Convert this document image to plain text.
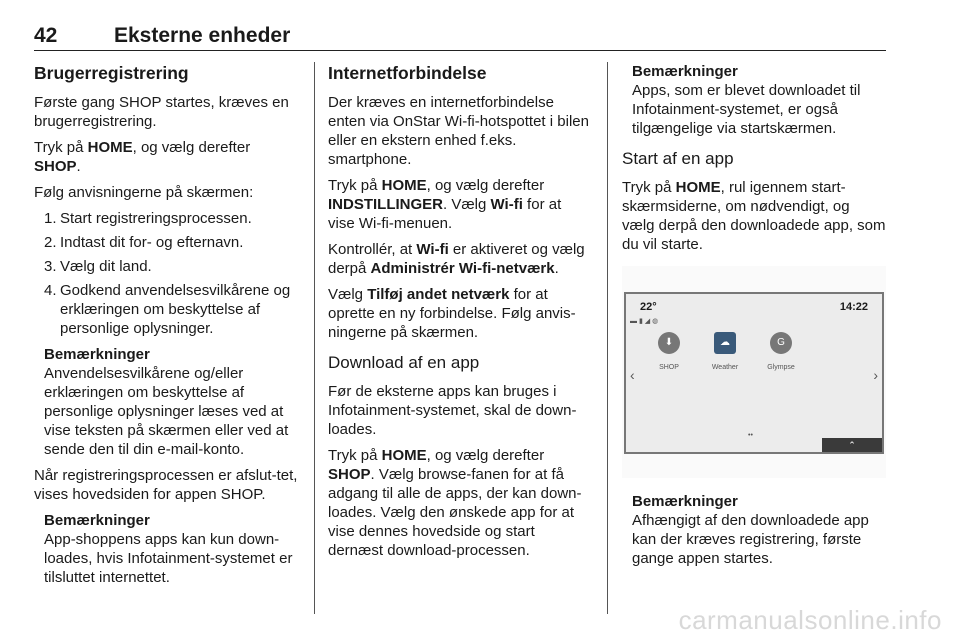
42	Eksterne enheder
Brugerregistrering

Første gang SHOP startes, kræves en brugerregistrering.

Tryk på HOME, og vælg derefter SHOP.

Følg anvisningerne på skærmen:

1. Start registreringsprocessen.
2. Indtast dit for- og efternavn.
3. Vælg dit land.
4. Godkend anvendelsesvilkårene og erklæringen om beskyttelse af personlige oplysninger.
Bemærkninger
Anvendelsesvilkårene og/eller erklæringen om beskyttelse af personlige oplysninger læses ved at vise teksten på skærmen eller ved at sende den til din e-mail-konto.

Når registreringsprocessen er afslut-tet, vises hovedsiden for appen SHOP.

Bemærkninger
App-shoppens apps kan kun down-loades, hvis Infotainment-systemet er tilsluttet internettet.
Internetforbindelse

Der kræves en internetforbindelse enten via OnStar Wi-fi-hotspottet i bilen eller en ekstern enhed f.eks. smartphone.

Tryk på HOME, og vælg derefter INDSTILLINGER. Vælg Wi-fi for at vise Wi-fi-menuen.

Kontrollér, at Wi-fi er aktiveret og vælg derpå Administrér Wi-fi-netværk.

Vælg Tilføj andet netværk for at oprette en ny forbindelse. Følg anvis-ningerne på skærmen.

Download af en app

Før de eksterne apps kan bruges i Infotainment-systemet, skal de down-loades.

Tryk på HOME, og vælg derefter SHOP. Vælg browse-fanen for at få adgang til alle de apps, der kan down-loades. Vælg den ønskede app for at vise dennes hovedside og start dernæst download-processen.

Bemærkninger
Apps, som er blevet downloadet til Infotainment-systemet, er også tilgængelige via startskærmen.
Start af en app

Tryk på HOME, rul igennem start-skærmsiderne, om nødvendigt, og vælg derpå den downloadede app, som du vil starte.

22°	14:22
▬ ▮ ◢ ◍
⬇
SHOP
☁
Weather
G
Glympse
‹	›
••
⌃
Bemærkninger
Afhængigt af den downloadede app kan der kræves registrering, første gange appen startes.
carmanualsonline.info
